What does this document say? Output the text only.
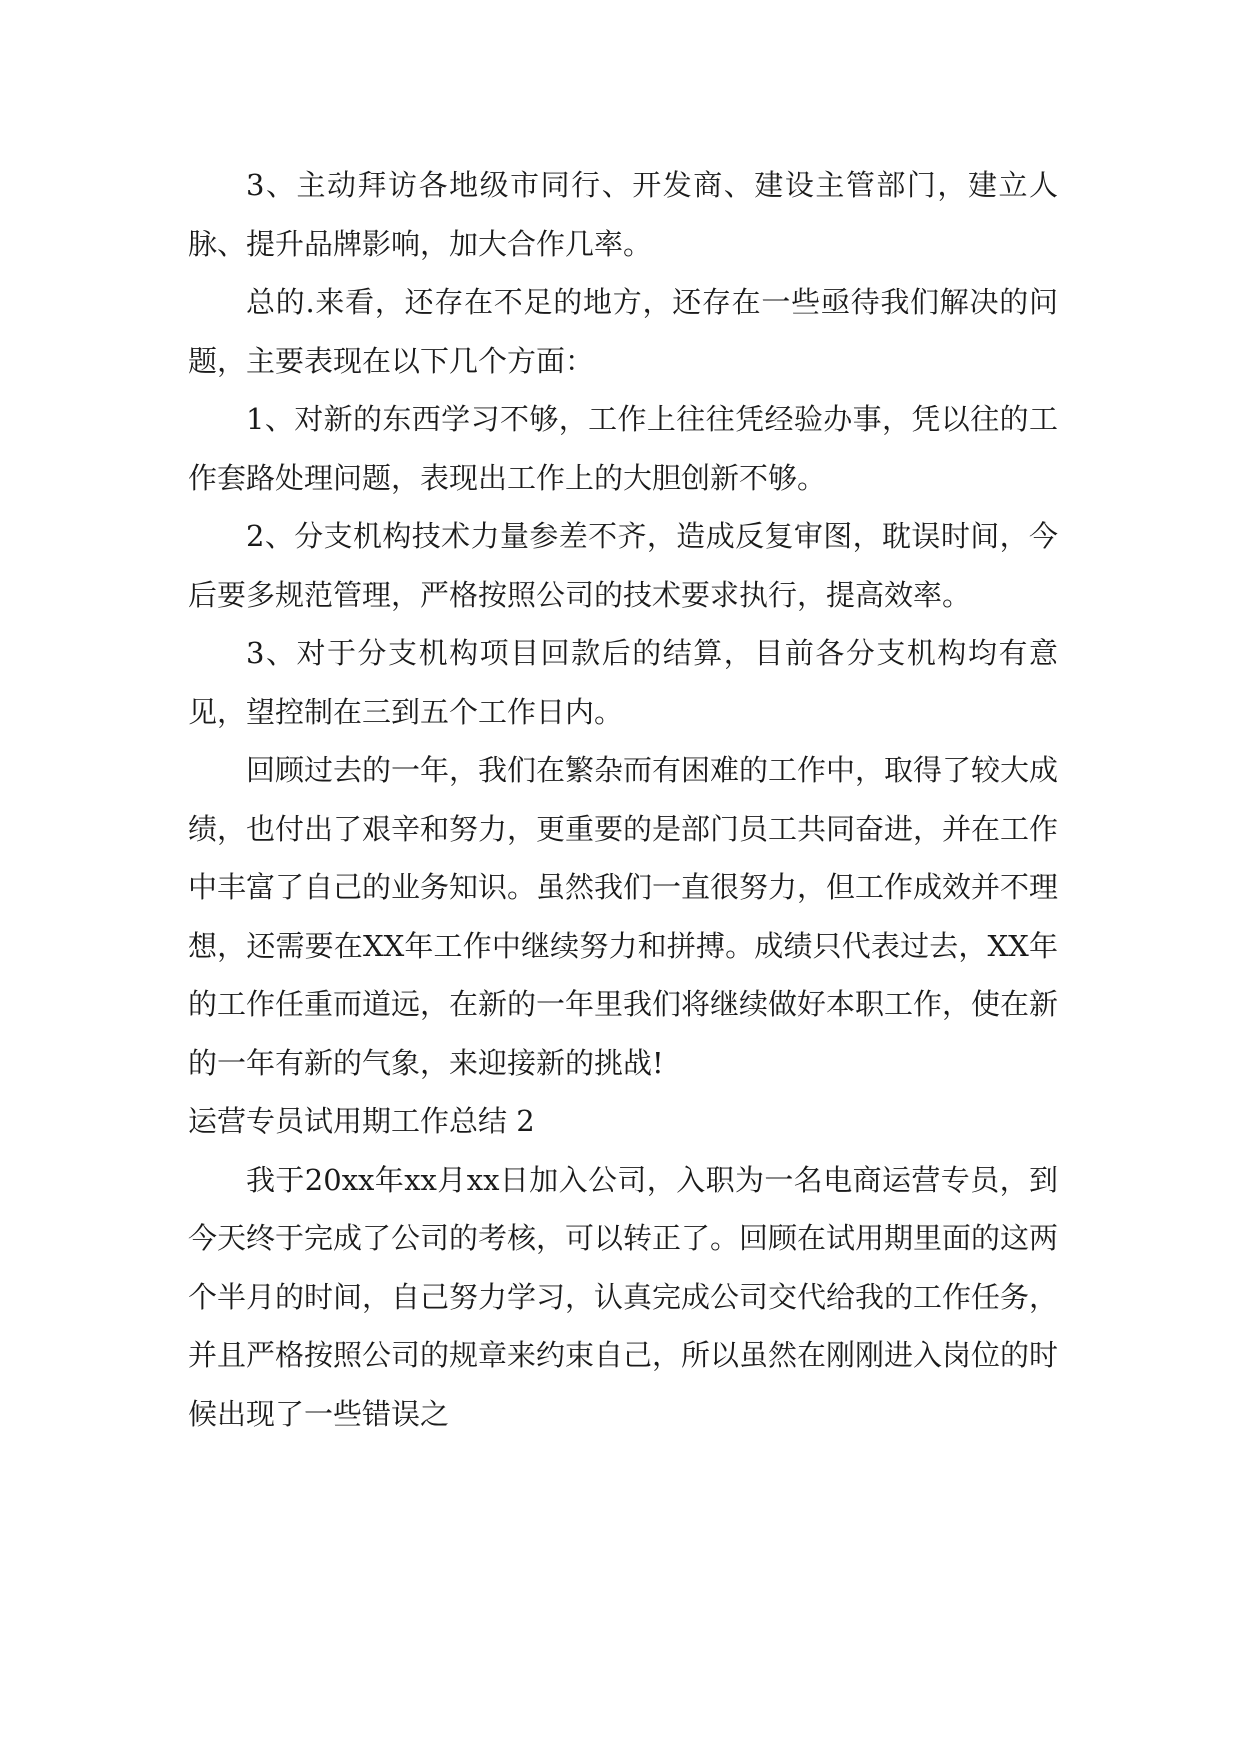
3、主动拜访各地级市同行、开发商、建设主管部门，建立人脉、提升品牌影响，加大合作几率。

总的.来看，还存在不足的地方，还存在一些亟待我们解决的问题，主要表现在以下几个方面：

1、对新的东西学习不够，工作上往往凭经验办事，凭以往的工作套路处理问题，表现出工作上的大胆创新不够。

2、分支机构技术力量参差不齐，造成反复审图，耽误时间，今后要多规范管理，严格按照公司的技术要求执行，提高效率。

3、对于分支机构项目回款后的结算，目前各分支机构均有意见，望控制在三到五个工作日内。

回顾过去的一年，我们在繁杂而有困难的工作中，取得了较大成绩，也付出了艰辛和努力，更重要的是部门员工共同奋进，并在工作中丰富了自己的业务知识。虽然我们一直很努力，但工作成效并不理想，还需要在XX年工作中继续努力和拼搏。成绩只代表过去，XX年的工作任重而道远，在新的一年里我们将继续做好本职工作，使在新的一年有新的气象，来迎接新的挑战!

运营专员试用期工作总结 2

我于20xx年xx月xx日加入公司，入职为一名电商运营专员，到今天终于完成了公司的考核，可以转正了。回顾在试用期里面的这两个半月的时间，自己努力学习，认真完成公司交代给我的工作任务，并且严格按照公司的规章来约束自己，所以虽然在刚刚进入岗位的时候出现了一些错误之
